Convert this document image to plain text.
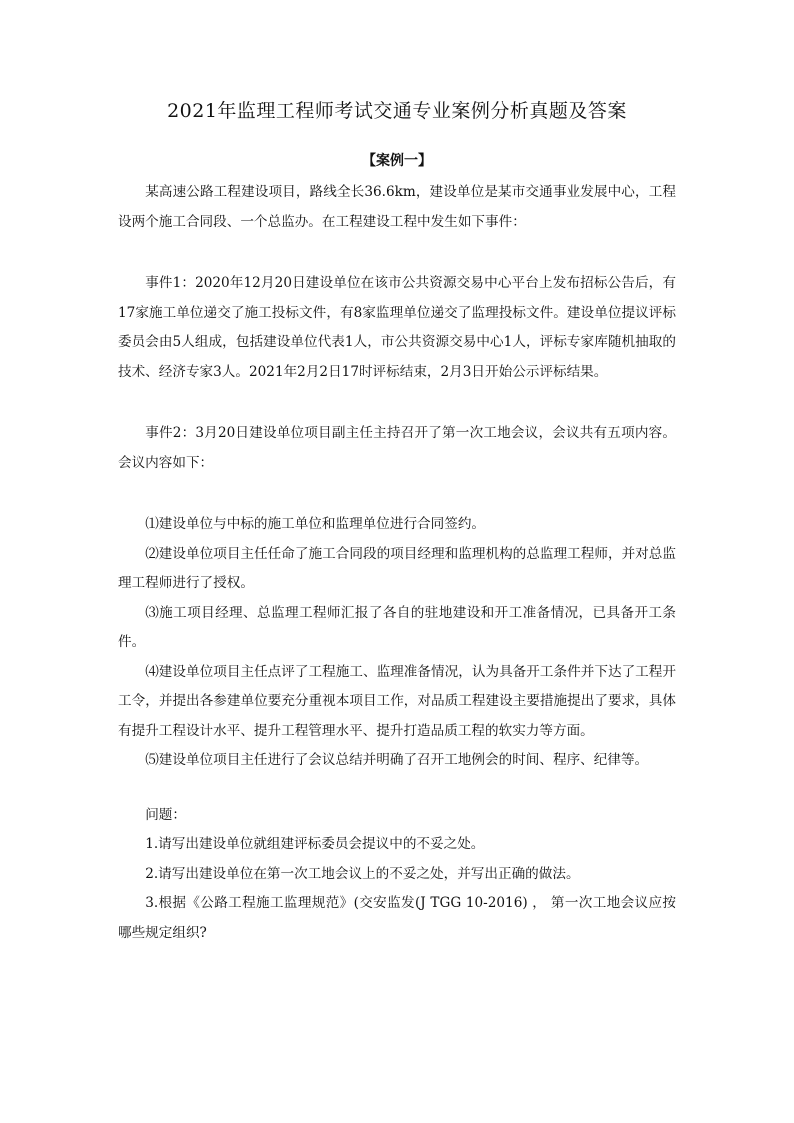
2021年监理工程师考试交通专业案例分析真题及答案
【案例一】

某高速公路工程建设项目，路线全长36.6km，建设单位是某市交通事业发展中心，工程设两个施工合同段、一个总监办。在工程建设工程中发生如下事件：

事件1：2020年12月20日建设单位在该市公共资源交易中心平台上发布招标公告后，有17家施工单位递交了施工投标文件，有8家监理单位递交了监理投标文件。建设单位提议评标委员会由5人组成，包括建设单位代表1人，市公共资源交易中心1人，评标专家库随机抽取的技术、经济专家3人。2021年2月2日17时评标结束，2月3日开始公示评标结果。

事件2：3月20日建设单位项目副主任主持召开了第一次工地会议，会议共有五项内容。会议内容如下：

⑴建设单位与中标的施工单位和监理单位进行合同签约。

⑵建设单位项目主任任命了施工合同段的项目经理和监理机构的总监理工程师，并对总监理工程师进行了授权。

⑶施工项目经理、总监理工程师汇报了各自的驻地建设和开工准备情况，已具备开工条件。

⑷建设单位项目主任点评了工程施工、监理准备情况，认为具备开工条件并下达了工程开工令，并提出各参建单位要充分重视本项目工作，对品质工程建设主要措施提出了要求，具体有提升工程设计水平、提升工程管理水平、提升打造品质工程的软实力等方面。

⑸建设单位项目主任进行了会议总结并明确了召开工地例会的时间、程序、纪律等。

问题：

1.请写出建设单位就组建评标委员会提议中的不妥之处。

2.请写出建设单位在第一次工地会议上的不妥之处，并写出正确的做法。

3.根据《公路工程施工监理规范》(交安监发(J TGG 10-2016) ， 第一次工地会议应按哪些规定组织?
